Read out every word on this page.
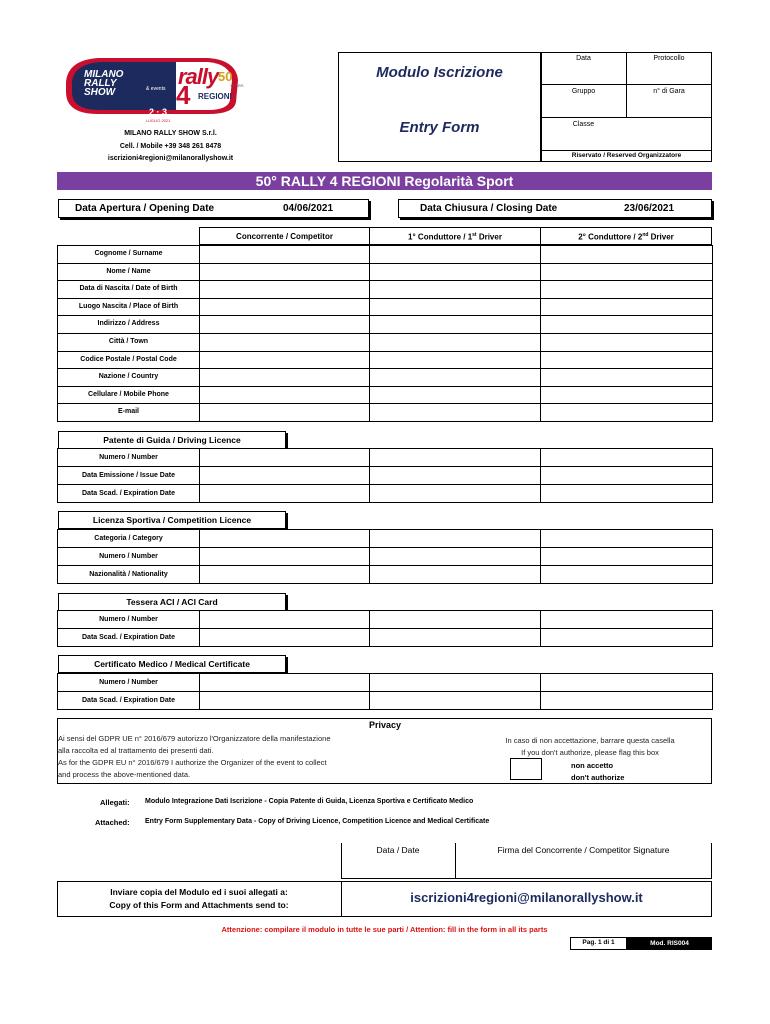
MILANO
RALLY
SHOW	& events rally
4
50
YEARS
REGIONI
2 · 3
LUGLIO 2021
MILANO RALLY SHOW S.r.l.
Cell. / Mobile +39 348 261 8478
iscrizioni4regioni@milanorallyshow.it
Modulo Iscrizione
Entry Form
Data	Protocollo
Gruppo	n° di Gara
Classe
Riservato / Reserved Organizzatore
50° RALLY 4 REGIONI Regolarità Sport
Data Apertura / Opening Date	04/06/2021	Data Chiusura / Closing Date	23/06/2021
Concorrente / Competitor	1° Conduttore / 1st Driver	2° Conduttore / 2nd Driver
Cognome / Surname
Nome / Name
Data di Nascita / Date of Birth
Luogo Nascita / Place of Birth
Indirizzo / Address
Città / Town
Codice Postale / Postal Code
Nazione / Country
Cellulare / Mobile Phone
E-mail
Patente di Guida / Driving Licence
Numero / Number
Data Emissione / Issue Date
Data Scad. / Expiration Date
Licenza Sportiva / Competition Licence
Categoria / Category
Numero / Number
Nazionalità / Nationality
Tessera ACI / ACI Card
Numero / Number
Data Scad. / Expiration Date
Certificato Medico / Medical Certificate
Numero / Number
Data Scad. / Expiration Date
Privacy
Ai sensi del GDPR UE n° 2016/679 autorizzo l'Organizzatore della manifestazione
alla raccolta ed al trattamento dei presenti dati.
As for the GDPR EU n° 2016/679 I authorize the Organizer of the event to collect
and process the above-mentioned data.
In caso di non accettazione, barrare questa casella
If you don't authorize, please flag this box
non accetto
don't authorize
Allegati: Modulo Integrazione Dati Iscrizione - Copia Patente di Guida, Licenza Sportiva e Certificato Medico
Attached: Entry Form Supplementary Data - Copy of Driving Licence, Competition Licence and Medical Certificate
Data / Date	Firma del Concorrente / Competitor Signature
Inviare copia del Modulo ed i suoi allegati a:
Copy of this Form and Attachments send to:	iscrizioni4regioni@milanorallyshow.it
Attenzione: compilare il modulo in tutte le sue parti / Attention: fill in the form in all its parts
Pag. 1 di 1	Mod. RIS004
